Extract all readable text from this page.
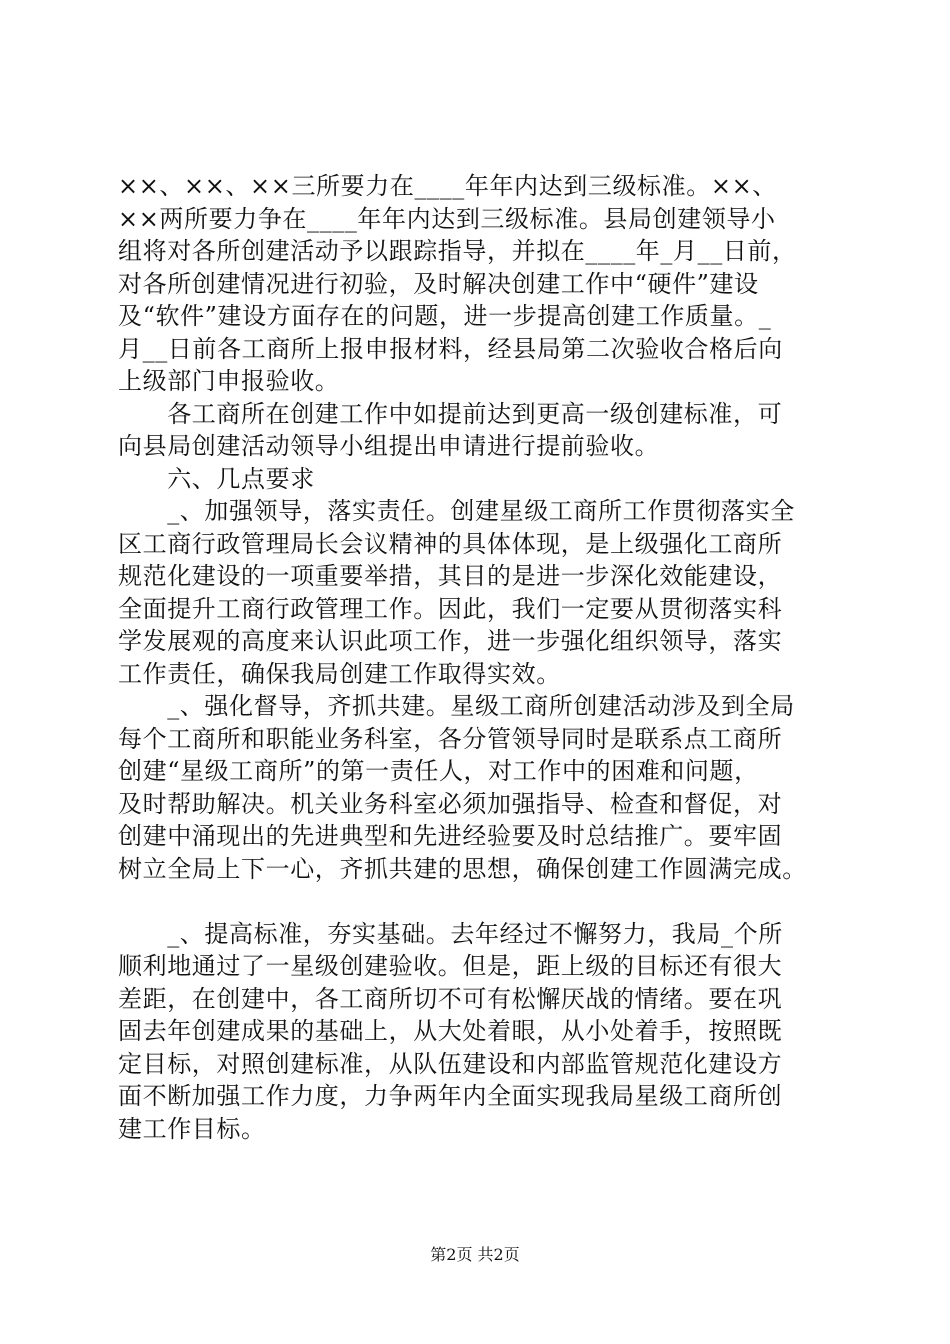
××、××、××三所要力在____年年内达到三级标准。××、
××两所要力争在____年年内达到三级标准。县局创建领导小
组将对各所创建活动予以跟踪指导，并拟在____年_月__日前，
对各所创建情况进行初验，及时解决创建工作中“硬件”建设
及“软件”建设方面存在的问题，进一步提高创建工作质量。_
月__日前各工商所上报申报材料，经县局第二次验收合格后向
上级部门申报验收。
　　各工商所在创建工作中如提前达到更高一级创建标准，可
向县局创建活动领导小组提出申请进行提前验收。
　　六、几点要求
　　_、加强领导，落实责任。创建星级工商所工作贯彻落实全
区工商行政管理局长会议精神的具体体现，是上级强化工商所
规范化建设的一项重要举措，其目的是进一步深化效能建设，
全面提升工商行政管理工作。因此，我们一定要从贯彻落实科
学发展观的高度来认识此项工作，进一步强化组织领导，落实
工作责任，确保我局创建工作取得实效。
　　_、强化督导，齐抓共建。星级工商所创建活动涉及到全局
每个工商所和职能业务科室，各分管领导同时是联系点工商所
创建“星级工商所”的第一责任人，对工作中的困难和问题，
及时帮助解决。机关业务科室必须加强指导、检查和督促，对
创建中涌现出的先进典型和先进经验要及时总结推广。要牢固
树立全局上下一心，齐抓共建的思想，确保创建工作圆满完成。
　　_、提高标准，夯实基础。去年经过不懈努力，我局_个所
顺利地通过了一星级创建验收。但是，距上级的目标还有很大
差距，在创建中，各工商所切不可有松懈厌战的情绪。要在巩
固去年创建成果的基础上，从大处着眼，从小处着手，按照既
定目标，对照创建标准，从队伍建设和内部监管规范化建设方
面不断加强工作力度，力争两年内全面实现我局星级工商所创
建工作目标。
第2页 共2页
